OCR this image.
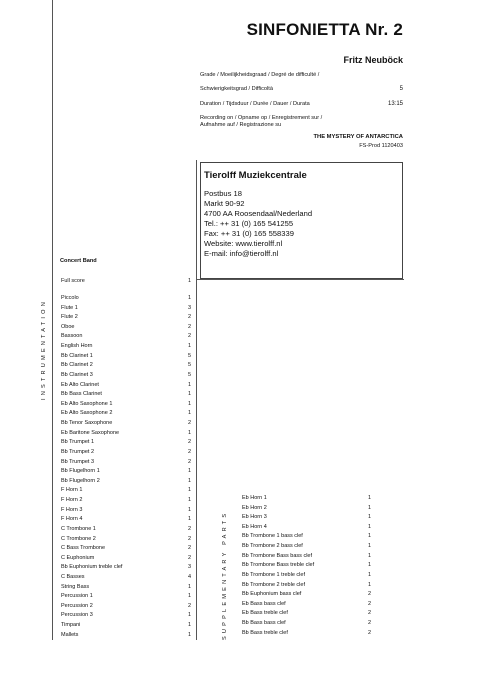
SINFONIETTA Nr. 2
Fritz Neuböck
Grade / Moeilijkheidsgraad / Degré de difficulté /
Schwierigkeitsgrad / Difficoltà	5
Duration / Tijdsduur / Durée / Dauer / Durata	13:15
Recording on / Opname op / Enregistrement sur /
Aufnahme auf / Registrazione su
THE MYSTERY OF ANTARCTICA
FS-Prod 1120403
Tierolff Muziekcentrale
Postbus 18
Markt 90-92
4700 AA Roosendaal/Nederland
Tel.: ++ 31 (0) 165 541255
Fax: ++ 31 (0) 165 558339
Website: www.tierolff.nl
E-mail: info@tierolff.nl
INSTRUMENTATION
SUPPLEMENTARY PARTS
Concert Band
Full score	1
Piccolo	1
Flute 1	3
Flute 2	2
Oboe	2
Bassoon	2
English Horn	1
Bb Clarinet 1	5
Bb Clarinet 2	5
Bb Clarinet 3	5
Eb Alto Clarinet	1
Bb Bass Clarinet	1
Eb Alto Saxophone 1	1
Eb Alto Saxophone 2	1
Bb Tenor Saxophone	2
Eb Baritone Saxophone	1
Bb Trumpet 1	2
Bb Trumpet 2	2
Bb Trumpet 3	2
Bb Flugelhorn 1	1
Bb Flugelhorn 2	1
F Horn 1	1
F Horn 2	1
F Horn 3	1
F Horn 4	1
C Trombone 1	2
C Trombone 2	2
C Bass Trombone	2
C Euphonium	2
Bb Euphonium treble clef	3
C Basses	4
String Bass	1
Percussion 1	1
Percussion 2	2
Percussion 3	1
Timpani	1
Mallets	1
Eb Horn 1	1
Eb Horn 2	1
Eb Horn 3	1
Eb Horn 4	1
Bb Trombone 1 bass clef	1
Bb Trombone 2 bass clef	1
Bb Trombone Bass bass clef	1
Bb Trombone Bass treble clef	1
Bb Trombone 1 treble clef	1
Bb Trombone 2 treble clef	1
Bb Euphonium bass clef	2
Eb Bass bass clef	2
Eb Bass treble clef	2
Bb Bass bass clef	2
Bb Bass treble clef	2
